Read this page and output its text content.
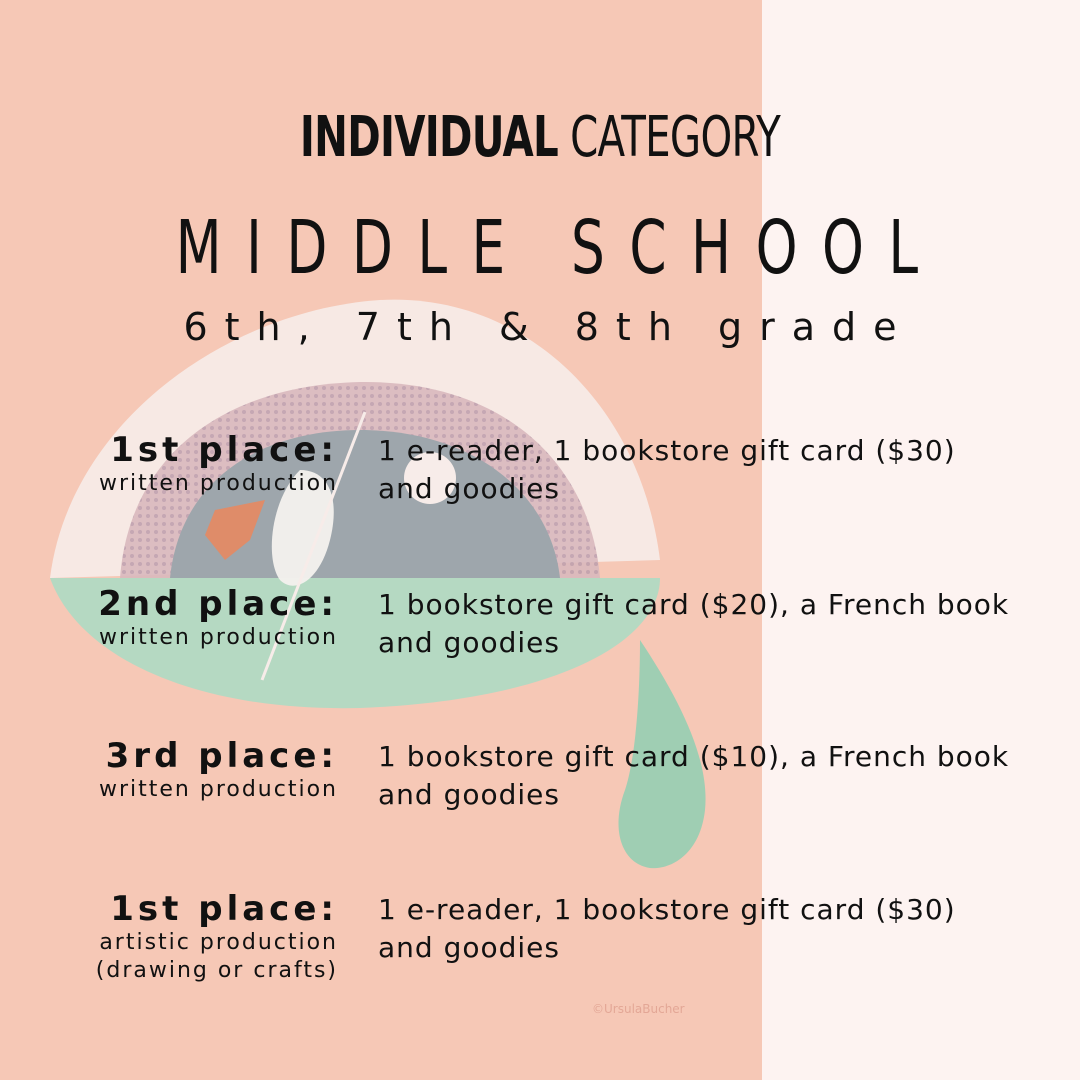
INDIVIDUAL CATEGORY
MIDDLE SCHOOL
6th, 7th & 8th grade
1st place:
written production
1 e-reader, 1 bookstore gift card ($30) and goodies
2nd place:
written production
1 bookstore gift card ($20), a French book and goodies
3rd place:
written production
1 bookstore gift card ($10), a French book and goodies
1st place:
artistic production
(drawing or crafts)
1 e-reader, 1 bookstore gift card ($30) and goodies
©UrsulaBucher
